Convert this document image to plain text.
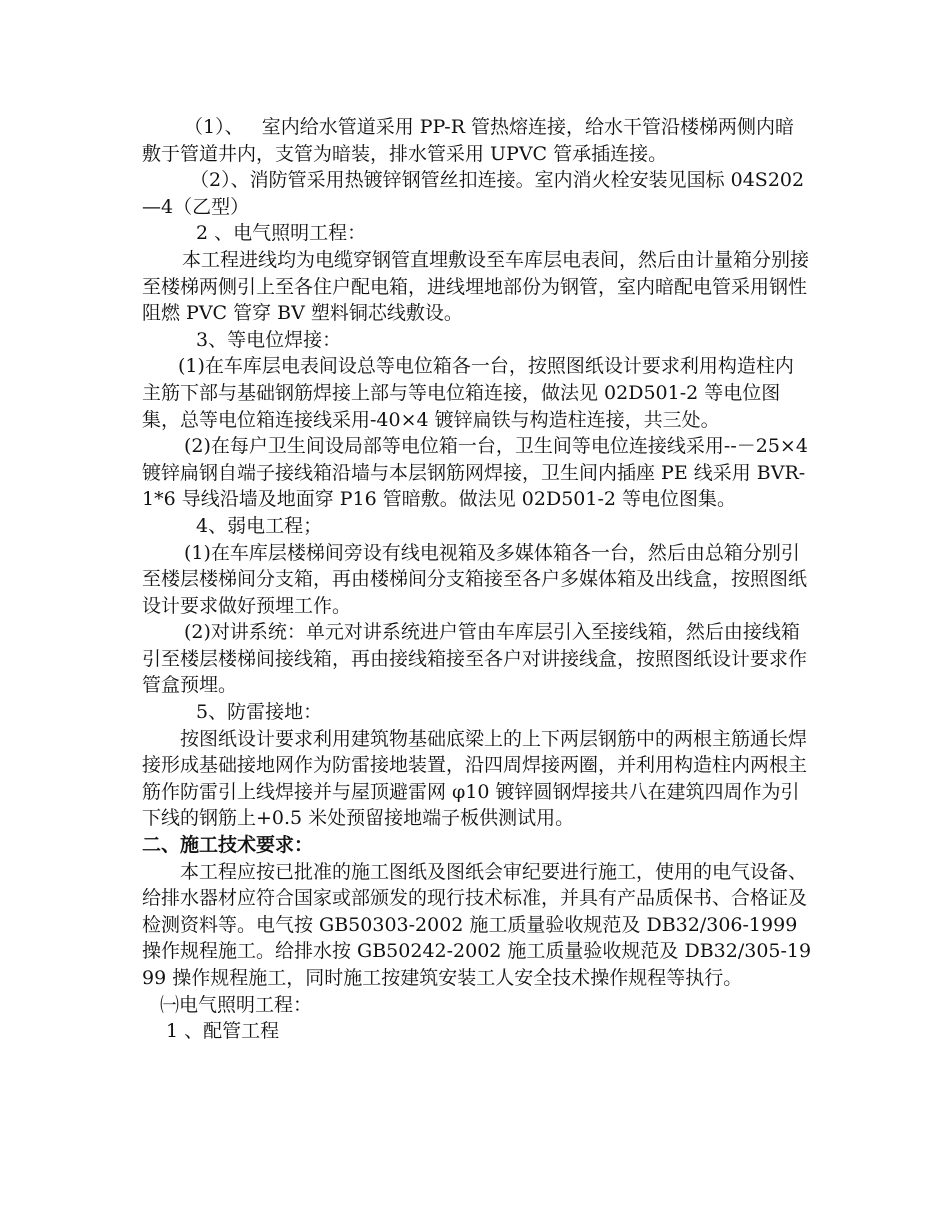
（1）、   室内给水管道采用 PP-R 管热熔连接，给水干管沿楼梯两侧内暗敷于管道井内，支管为暗装，排水管采用 UPVC 管承插连接。

（2）、消防管采用热镀锌钢管丝扣连接。室内消火栓安装见国标 04S202—4（乙型）

2 、电气照明工程：

本工程进线均为电缆穿钢管直埋敷设至车库层电表间，然后由计量箱分别接至楼梯两侧引上至各住户配电箱，进线埋地部份为钢管，室内暗配电管采用钢性阻燃 PVC 管穿 BV 塑料铜芯线敷设。

3、等电位焊接：

(1)在车库层电表间设总等电位箱各一台，按照图纸设计要求利用构造柱内主筋下部与基础钢筋焊接上部与等电位箱连接，做法见 02D501-2 等电位图集，总等电位箱连接线采用-40×4 镀锌扁铁与构造柱连接，共三处。

(2)在每户卫生间设局部等电位箱一台，卫生间等电位连接线采用--－25×4 镀锌扁钢自端子接线箱沿墙与本层钢筋网焊接，卫生间内插座 PE 线采用 BVR-1*6 导线沿墙及地面穿 P16 管暗敷。做法见 02D501-2 等电位图集。

4、弱电工程；

(1)在车库层楼梯间旁设有线电视箱及多媒体箱各一台，然后由总箱分别引至楼层楼梯间分支箱，再由楼梯间分支箱接至各户多媒体箱及出线盒，按照图纸设计要求做好预埋工作。

(2)对讲系统：单元对讲系统进户管由车库层引入至接线箱，然后由接线箱引至楼层楼梯间接线箱，再由接线箱接至各户对讲接线盒，按照图纸设计要求作管盒预埋。

5、防雷接地：

按图纸设计要求利用建筑物基础底梁上的上下两层钢筋中的两根主筋通长焊接形成基础接地网作为防雷接地装置，沿四周焊接两圈，并利用构造柱内两根主筋作防雷引上线焊接并与屋顶避雷网 φ10 镀锌圆钢焊接共八在建筑四周作为引下线的钢筋上+0.5 米处预留接地端子板供测试用。

二、施工技术要求：

本工程应按已批准的施工图纸及图纸会审纪要进行施工，使用的电气设备、给排水器材应符合国家或部颁发的现行技术标准，并具有产品质保书、合格证及检测资料等。电气按 GB50303-2002 施工质量验收规范及 DB32/306-1999 操作规程施工。给排水按 GB50242-2002 施工质量验收规范及 DB32/305-1999 操作规程施工，同时施工按建筑安装工人安全技术操作规程等执行。

㈠电气照明工程：

1 、配管工程
